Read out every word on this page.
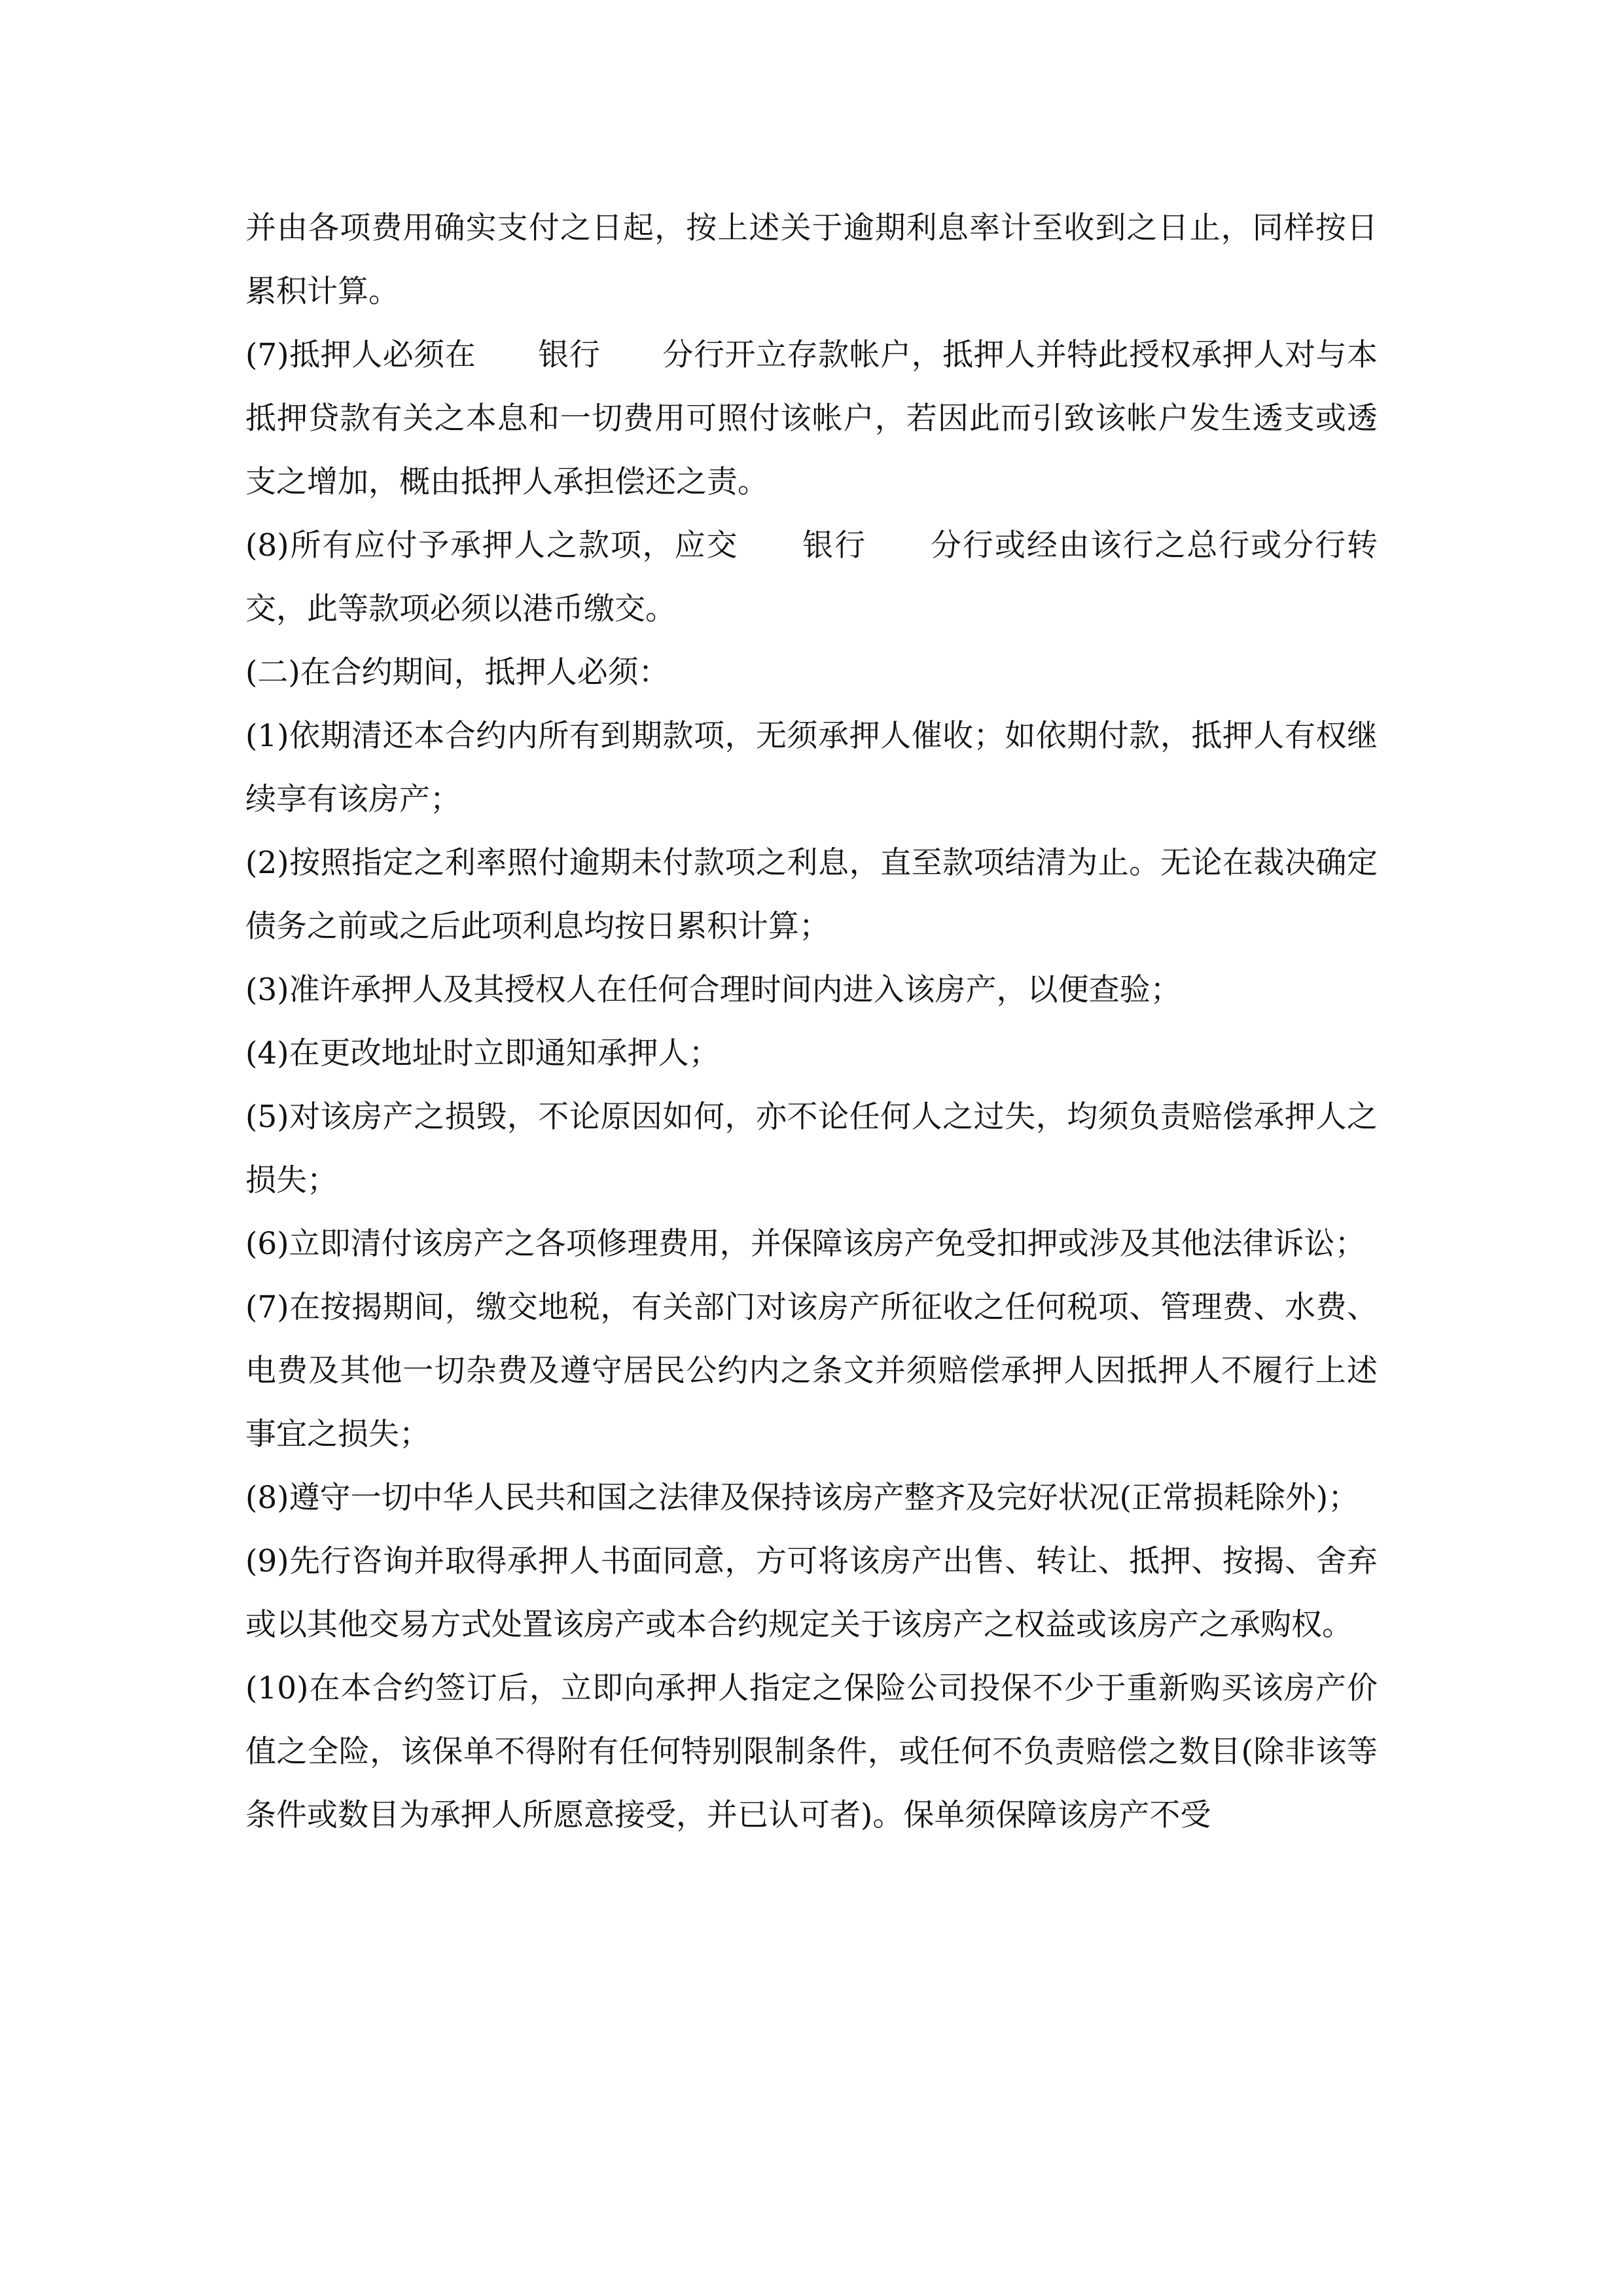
并由各项费用确实支付之日起，按上述关于逾期利息率计至收到之日止，同样按日累积计算。

(7)抵押人必须在　　银行　　分行开立存款帐户，抵押人并特此授权承押人对与本抵押贷款有关之本息和一切费用可照付该帐户，若因此而引致该帐户发生透支或透支之增加，概由抵押人承担偿还之责。

(8)所有应付予承押人之款项，应交　　银行　　分行或经由该行之总行或分行转交，此等款项必须以港币缴交。

(二)在合约期间，抵押人必须：

(1)依期清还本合约内所有到期款项，无须承押人催收；如依期付款，抵押人有权继续享有该房产；

(2)按照指定之利率照付逾期未付款项之利息，直至款项结清为止。无论在裁决确定债务之前或之后此项利息均按日累积计算；

(3)准许承押人及其授权人在任何合理时间内进入该房产，以便查验；

(4)在更改地址时立即通知承押人；

(5)对该房产之损毁，不论原因如何，亦不论任何人之过失，均须负责赔偿承押人之损失；

(6)立即清付该房产之各项修理费用，并保障该房产免受扣押或涉及其他法律诉讼；

(7)在按揭期间，缴交地税，有关部门对该房产所征收之任何税项、管理费、水费、电费及其他一切杂费及遵守居民公约内之条文并须赔偿承押人因抵押人不履行上述事宜之损失；

(8)遵守一切中华人民共和国之法律及保持该房产整齐及完好状况(正常损耗除外)；

(9)先行咨询并取得承押人书面同意，方可将该房产出售、转让、抵押、按揭、舍弃或以其他交易方式处置该房产或本合约规定关于该房产之权益或该房产之承购权。

(10)在本合约签订后，立即向承押人指定之保险公司投保不少于重新购买该房产价值之全险，该保单不得附有任何特别限制条件，或任何不负责赔偿之数目(除非该等条件或数目为承押人所愿意接受，并已认可者)。保单须保障该房产不受
